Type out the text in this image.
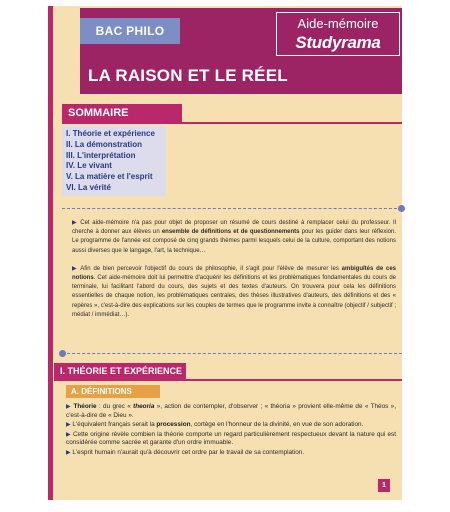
BAC PHILO	Aide-mémoire
Studyrama
LA RAISON ET LE RÉEL
SOMMAIRE
I. Théorie et expérience
II. La démonstration
III. L'interprétation
IV. Le vivant
V. La matière et l'esprit
VI. La vérité

▶ Cet aide-mémoire n'a pas pour objet de proposer un résumé de cours destiné à remplacer celui du professeur. Il cherche à donner aux élèves un ensemble de définitions et de questionnements pour les guider dans leur réflexion. Le programme de l'année est composé de cinq grands thèmes parmi lesquels celui de la culture, comportant des notions aussi diverses que le langage, l'art, la technique…

▶ Afin de bien percevoir l'objectif du cours de philosophie, il s'agit pour l'élève de mesurer les ambiguïtés de ces notions. Cet aide-mémoire doit lui permettre d'acquérir les définitions et les problématiques fondamentales du cours de terminale, lui facilitant l'abord du cours, des sujets et des textes d'auteurs. On trouvera pour cela les définitions essentielles de chaque notion, les problématiques centrales, des thèses illustratives d'auteurs, des définitions et des « repères », c'est-à-dire des explications sur les couples de termes que le programme invite à connaître (objectif / subjectif ; médiat / immédiat…).

I. THÉORIE ET EXPÉRIENCE
A. DÉFINITIONS

▶ Théorie : du grec « theoria », action de contempler, d'observer ; « théoria » provient elle-même de « Théos », c'est-à-dire de « Dieu ».

▶ L'équivalent français serait la procession, cortège en l'honneur de la divinité, en vue de son adoration.

▶ Cette origine révèle combien la théorie comporte un regard particulièrement respectueux devant la nature qui est considérée comme sacrée et garante d'un ordre immuable.

▶ L'esprit humain n'aurait qu'à découvrir cet ordre par le travail de sa contemplation.

1
